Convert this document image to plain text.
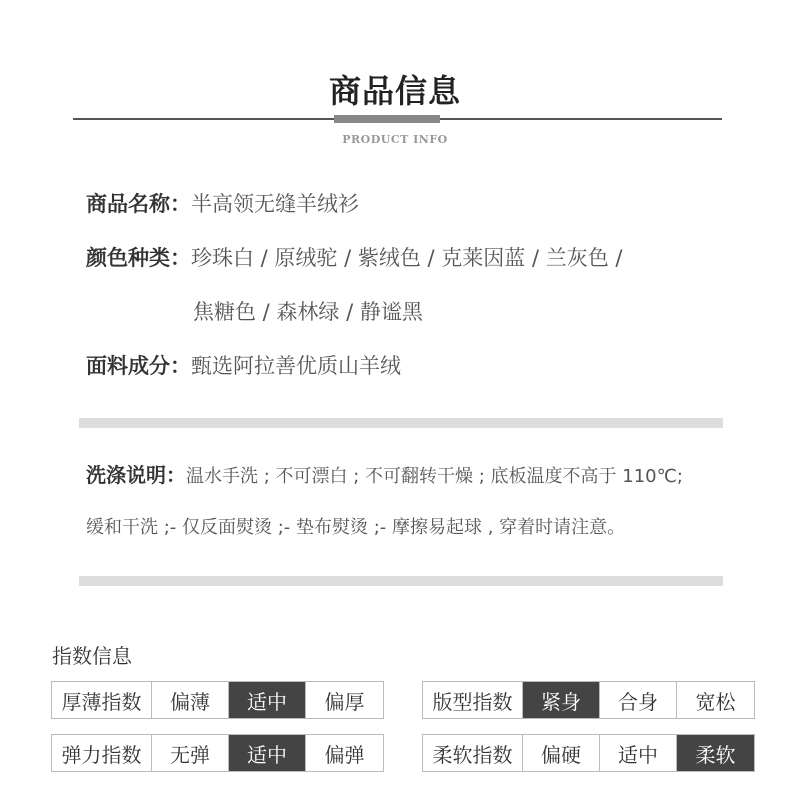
商品信息
PRODUCT INFO
商品名称：半高领无缝羊绒衫
颜色种类：珍珠白 / 原绒驼 / 紫绒色 / 克莱因蓝 / 兰灰色 /
焦糖色 / 森林绿 / 静谧黑
面料成分：甄选阿拉善优质山羊绒
洗涤说明：温水手洗 ; 不可漂白 ; 不可翻转干燥 ; 底板温度不高于 110℃;
缓和干洗 ;- 仅反面熨烫 ;- 垫布熨烫 ;- 摩擦易起球 , 穿着时请注意。
指数信息
厚薄指数	偏薄	适中	偏厚	版型指数	紧身	合身	宽松
弹力指数	无弹	适中	偏弹	柔软指数	偏硬	适中	柔软
